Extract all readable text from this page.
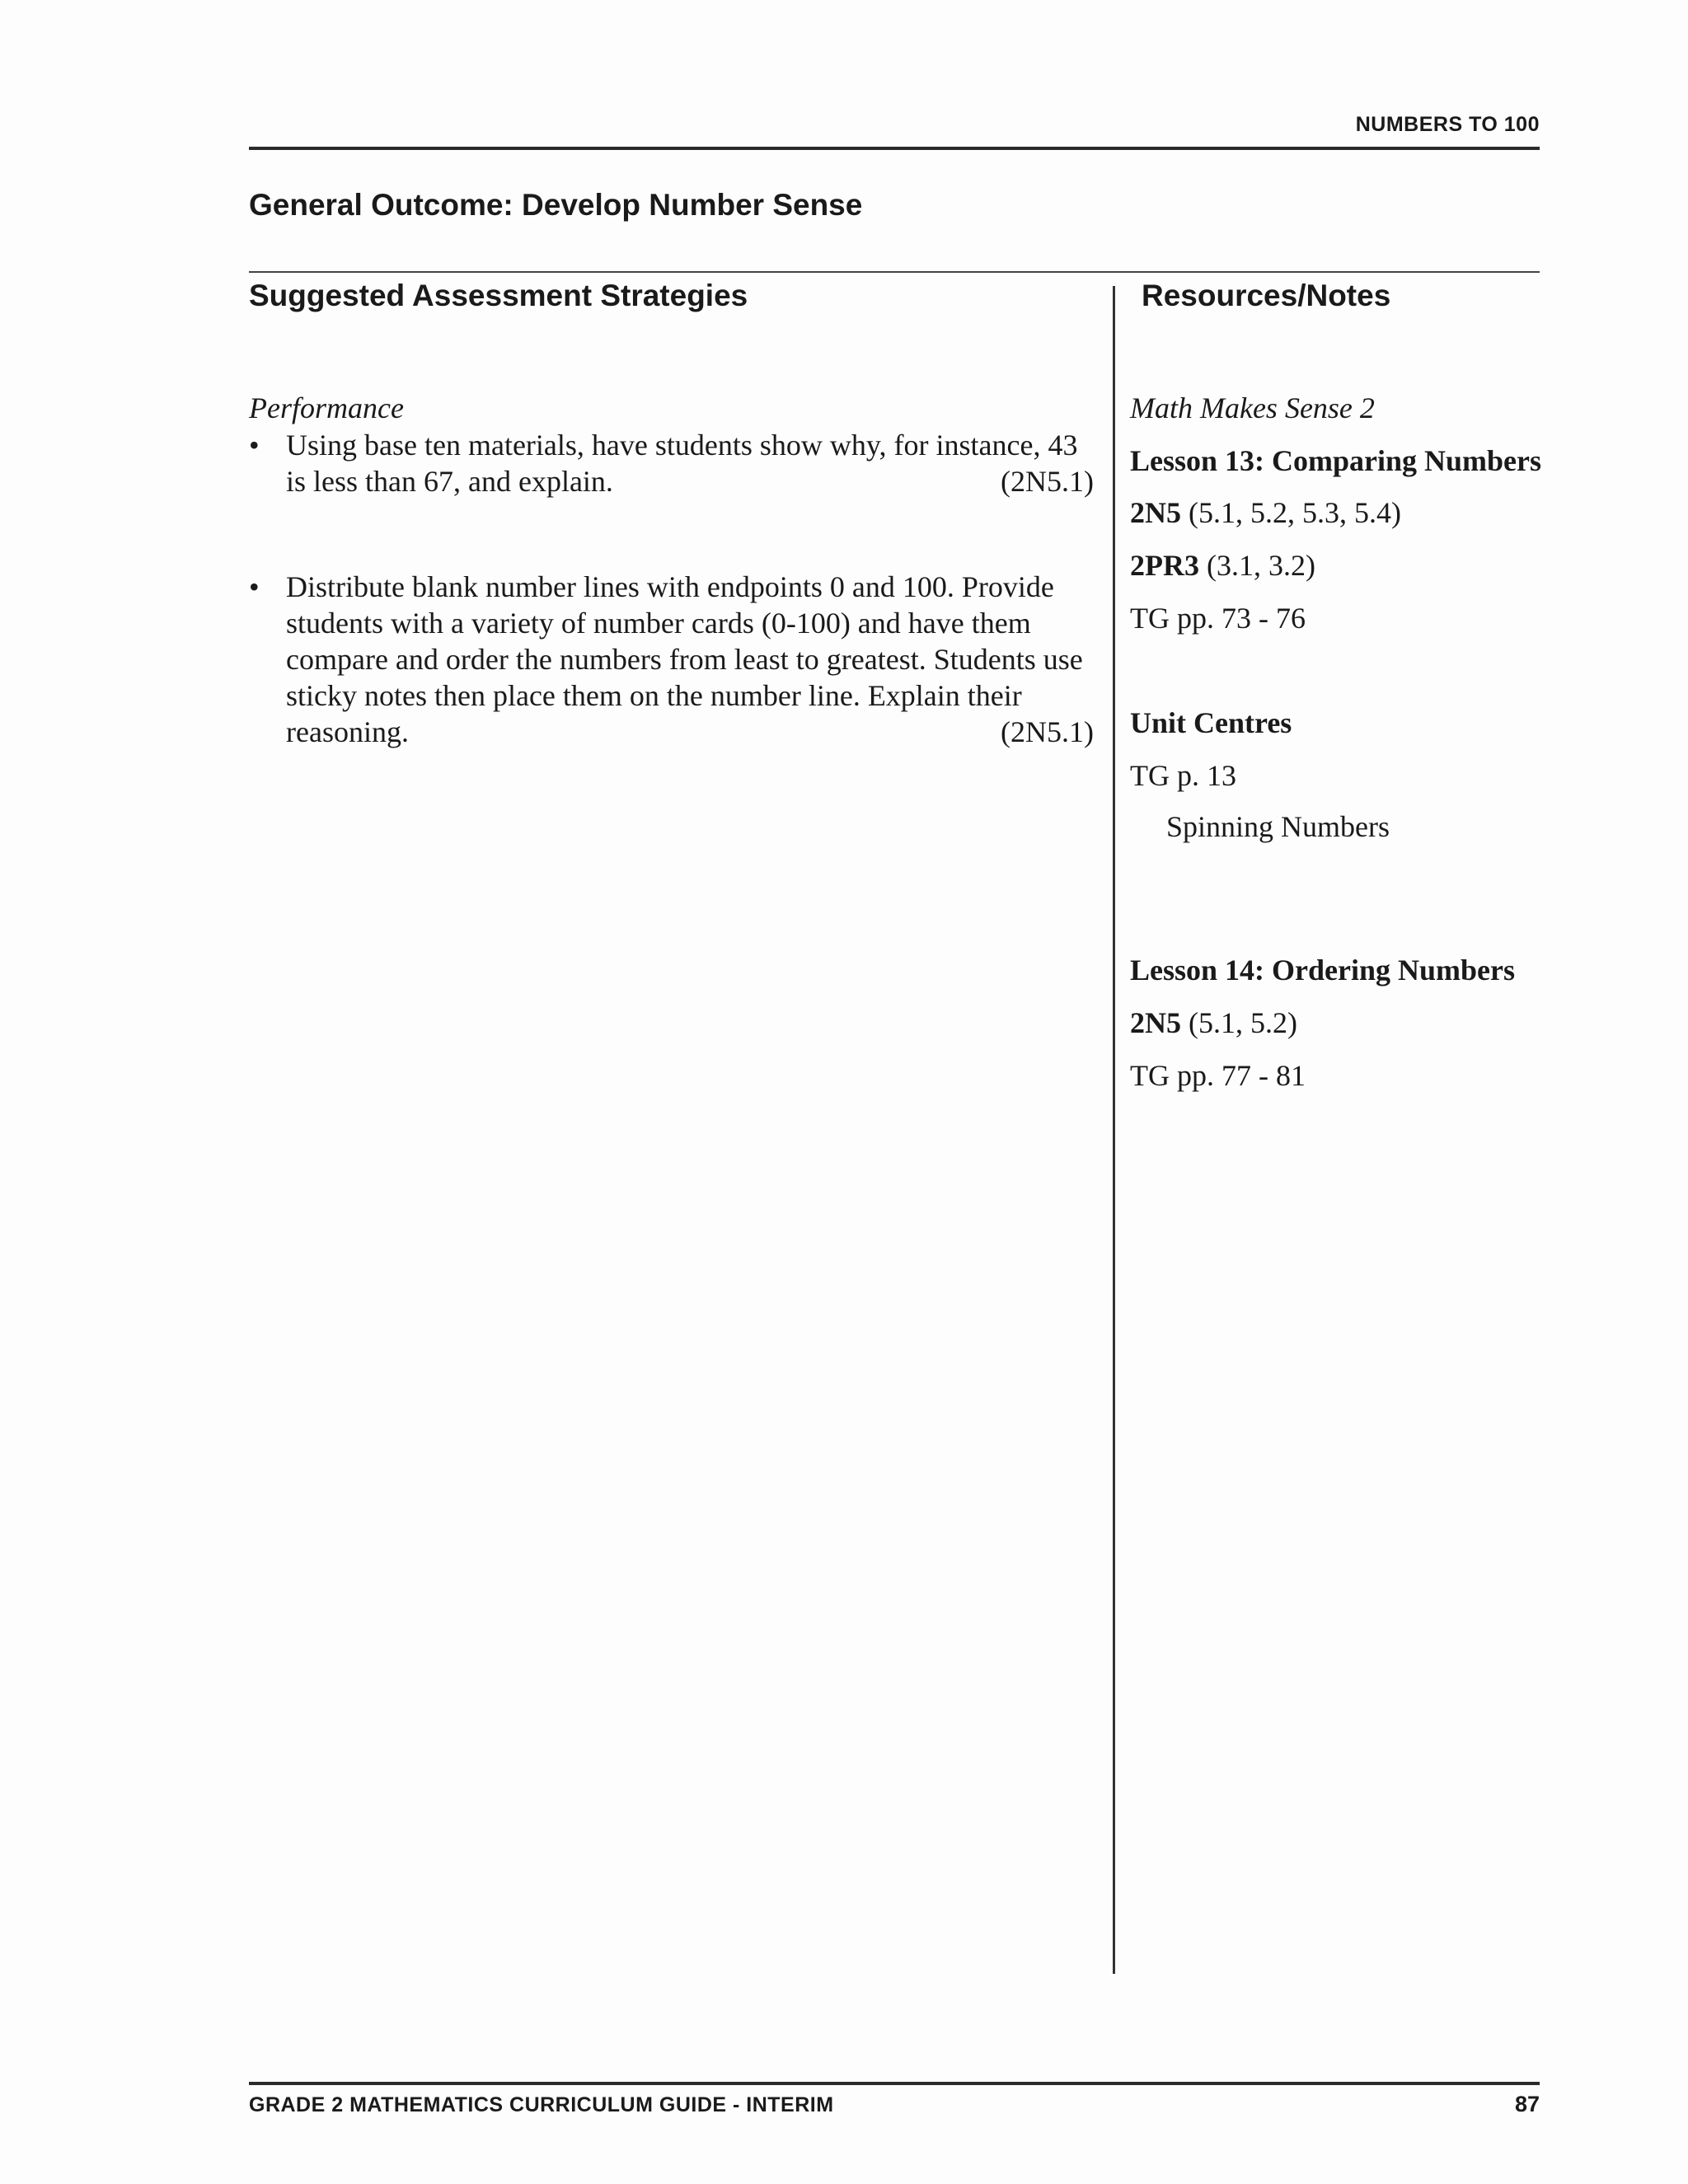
NUMBERS TO 100
General Outcome: Develop Number Sense
Suggested Assessment Strategies	Resources/Notes
Performance
• Using base ten materials, have students show why, for instance, 43 is less than 67, and explain.	(2N5.1)
• Distribute blank number lines with endpoints 0 and 100. Provide students with a variety of number cards (0-100) and have them compare and order the numbers from least to greatest. Students use sticky notes then place them on the number line. Explain their reasoning.	(2N5.1)
Math Makes Sense 2
Lesson 13: Comparing Numbers
2N5 (5.1, 5.2, 5.3, 5.4)
2PR3 (3.1, 3.2)
TG pp. 73 - 76
Unit Centres
TG p. 13
Spinning Numbers
Lesson 14: Ordering Numbers
2N5 (5.1, 5.2)
TG pp. 77 - 81
GRADE 2 MATHEMATICS CURRICULUM GUIDE - INTERIM	87
